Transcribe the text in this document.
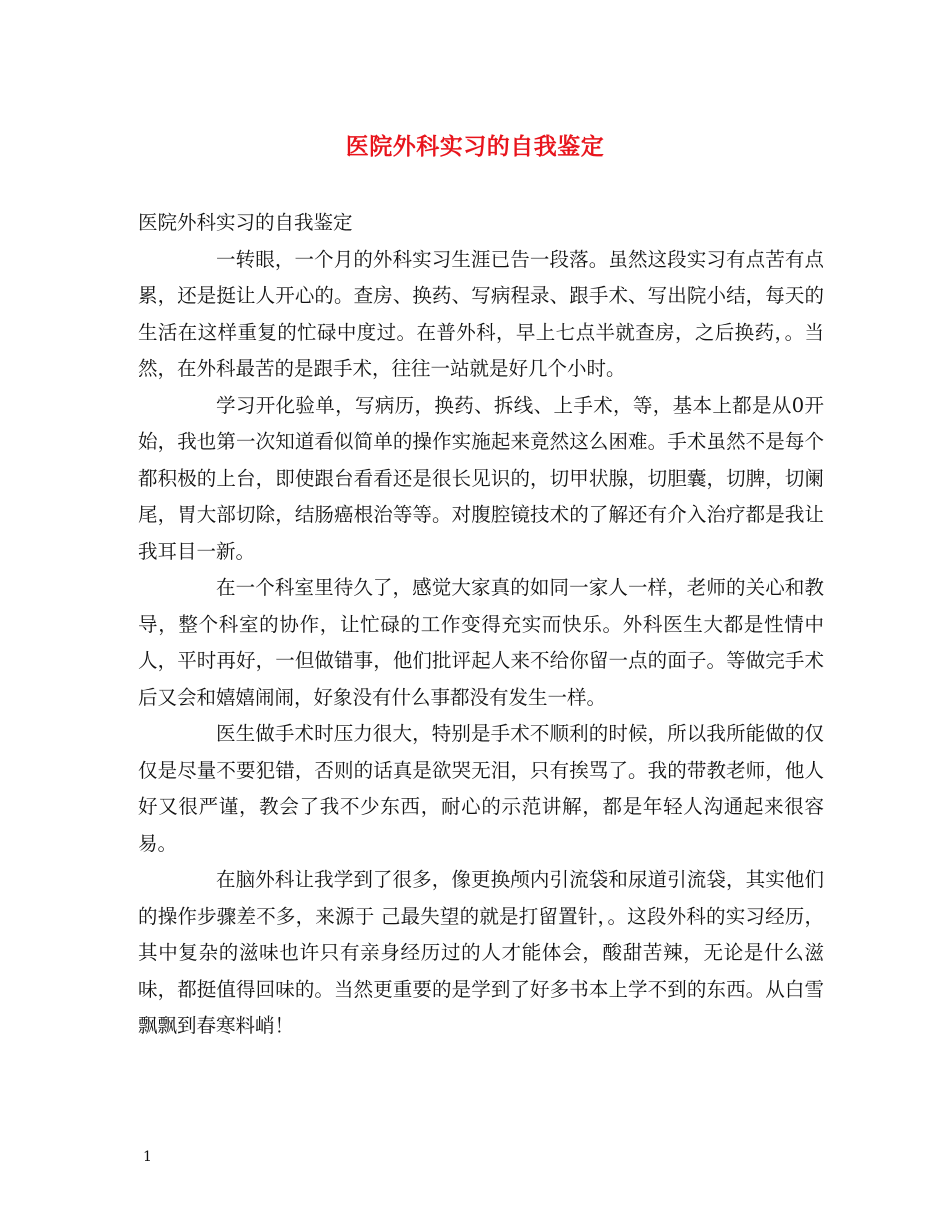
医院外科实习的自我鉴定

医院外科实习的自我鉴定

一转眼，一个月的外科实习生涯已告一段落。虽然这段实习有点苦有点累，还是挺让人开心的。查房、换药、写病程录、跟手术、写出院小结，每天的生活在这样重复的忙碌中度过。在普外科，早上七点半就查房，之后换药，。当然，在外科最苦的是跟手术，往往一站就是好几个小时。

学习开化验单，写病历，换药、拆线、上手术，等，基本上都是从0开始，我也第一次知道看似简单的操作实施起来竟然这么困难。手术虽然不是每个都积极的上台，即使跟台看看还是很长见识的，切甲状腺，切胆囊，切脾，切阑尾，胃大部切除，结肠癌根治等等。对腹腔镜技术的了解还有介入治疗都是我让我耳目一新。

在一个科室里待久了，感觉大家真的如同一家人一样，老师的关心和教导，整个科室的协作，让忙碌的工作变得充实而快乐。外科医生大都是性情中人，平时再好，一但做错事，他们批评起人来不给你留一点的面子。等做完手术后又会和嬉嬉闹闹，好象没有什么事都没有发生一样。

医生做手术时压力很大，特别是手术不顺利的时候，所以我所能做的仅仅是尽量不要犯错，否则的话真是欲哭无泪，只有挨骂了。我的带教老师，他人好又很严谨，教会了我不少东西，耐心的示范讲解，都是年轻人沟通起来很容易。

在脑外科让我学到了很多，像更换颅内引流袋和尿道引流袋，其实他们的操作步骤差不多，来源于 己最失望的就是打留置针，。这段外科的实习经历，其中复杂的滋味也许只有亲身经历过的人才能体会，酸甜苦辣，无论是什么滋味，都挺值得回味的。当然更重要的是学到了好多书本上学不到的东西。从白雪飘飘到春寒料峭！

1
